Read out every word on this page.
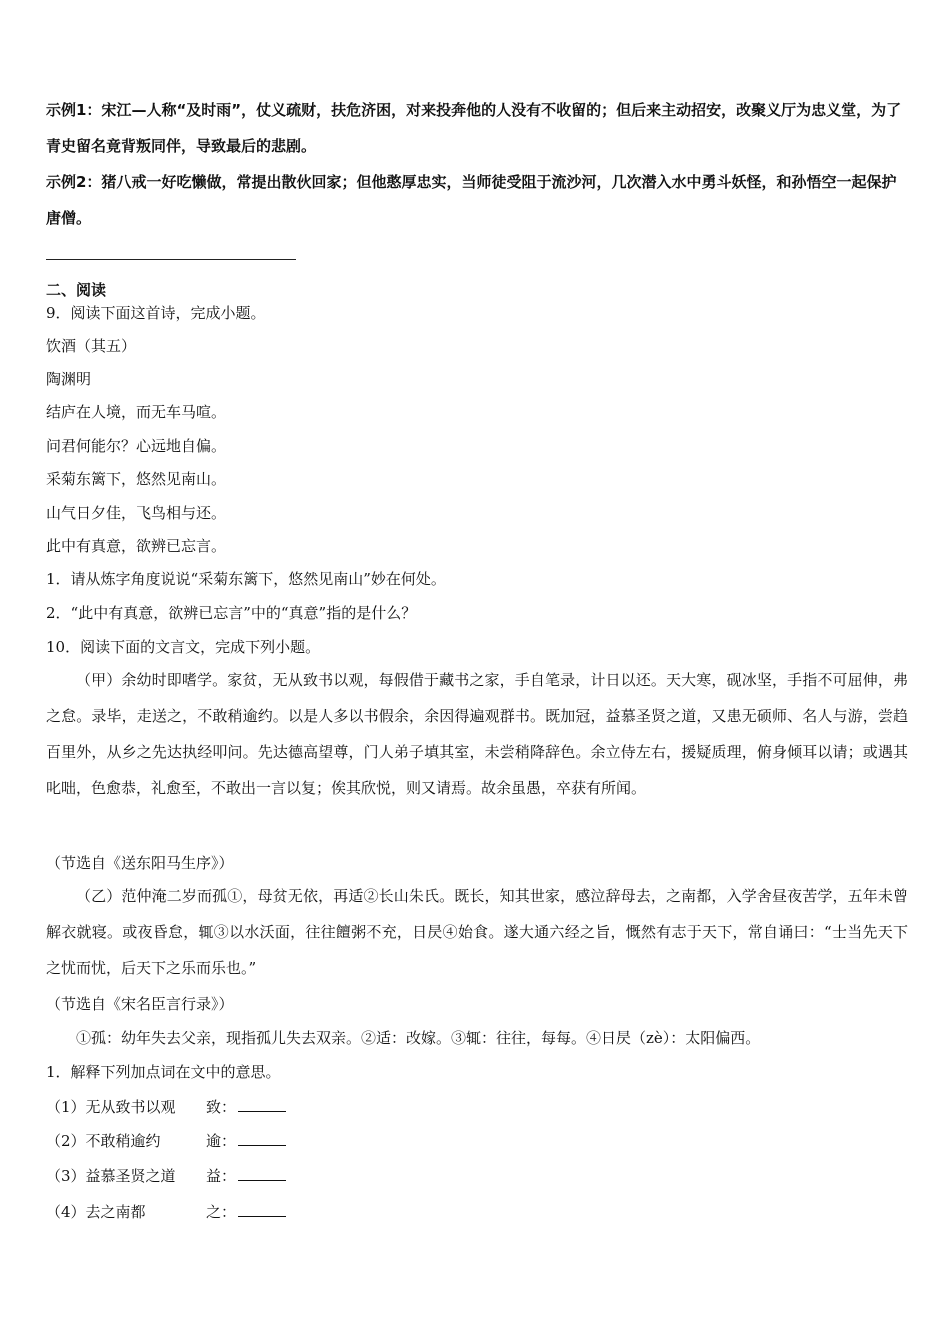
示例1：宋江—人称“及时雨”，仗义疏财，扶危济困，对来投奔他的人没有不收留的；但后来主动招安，改聚义厅为忠义堂，为了青史留名竟背叛同伴，导致最后的悲剧。
示例2：猪八戒一好吃懒做，常提出散伙回家；但他憨厚忠实，当师徒受阻于流沙河，几次潜入水中勇斗妖怪，和孙悟空一起保护唐僧。
二、阅读
9．阅读下面这首诗，完成小题。
饮酒（其五）
陶渊明
结庐在人境，而无车马喧。
问君何能尔？心远地自偏。
采菊东篱下，悠然见南山。
山气日夕佳，飞鸟相与还。
此中有真意，欲辨已忘言。
1．请从炼字角度说说“采菊东篱下，悠然见南山”妙在何处。
2．“此中有真意，欲辨已忘言”中的“真意”指的是什么？
10．阅读下面的文言文，完成下列小题。
（甲）余幼时即嗜学。家贫，无从致书以观，每假借于藏书之家，手自笔录，计日以还。天大寒，砚冰坚，手指不可屈伸，弗之怠。录毕，走送之，不敢稍逾约。以是人多以书假余，余因得遍观群书。既加冠，益慕圣贤之道，又患无硕师、名人与游，尝趋百里外，从乡之先达执经叩问。先达德高望尊，门人弟子填其室，未尝稍降辞色。余立侍左右，援疑质理，俯身倾耳以请；或遇其叱咄，色愈恭，礼愈至，不敢出一言以复；俟其欣悦，则又请焉。故余虽愚，卒获有所闻。
（节选自《送东阳马生序》）
（乙）范仲淹二岁而孤①，母贫无依，再适②长山朱氏。既长，知其世家，感泣辞母去，之南都，入学舍昼夜苦学，五年未曾解衣就寝。或夜昏怠，辄③以水沃面，往往饘粥不充，日昃④始食。遂大通六经之旨，慨然有志于天下，常自诵曰：“士当先天下之忧而忧，后天下之乐而乐也。”
（节选自《宋名臣言行录》）
①孤：幼年失去父亲，现指孤儿失去双亲。②适：改嫁。③辄：往往，每每。④日昃（zè）：太阳偏西。
1．解释下列加点词在文中的意思。
（1）无从致书以观 致：
（2）不敢稍逾约	逾：
（3）益慕圣贤之道 益：
（4）去之南都	之：
